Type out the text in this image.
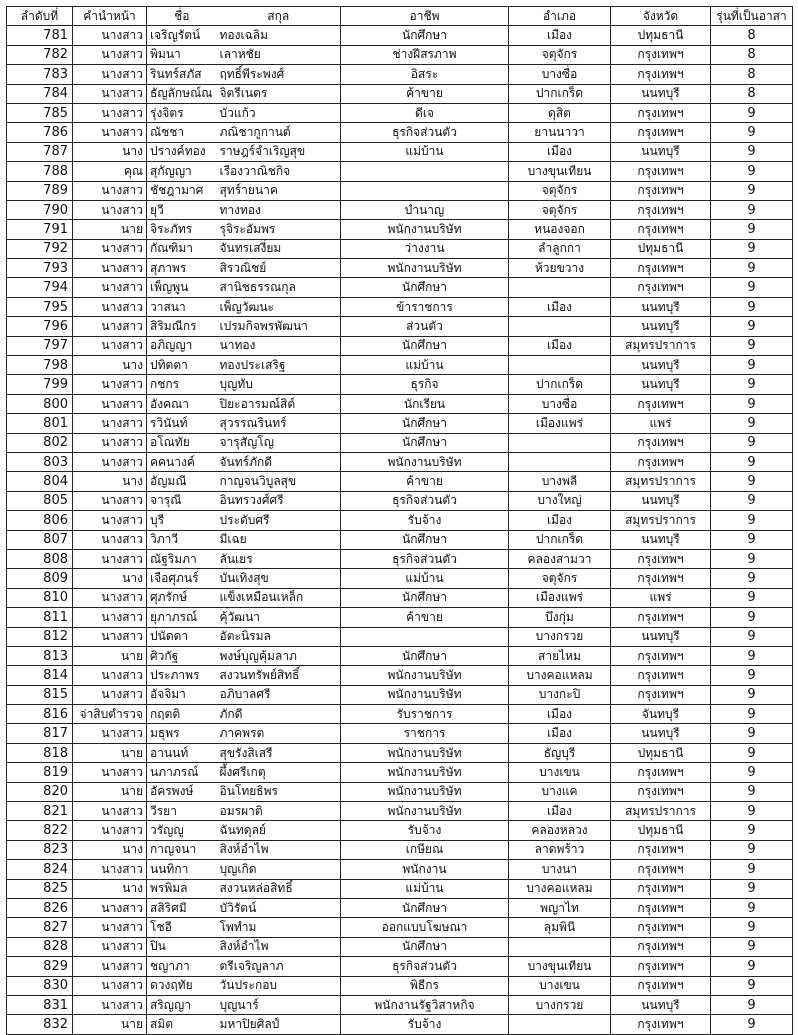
ลำดับที่	คำนำหน้า	ชื่อ	สกุล	อาชีพ	อำเภอ	จังหวัด	รุ่นที่เป็นอาสา
781	นางสาว	เจริญรัตน์	ทองเฉลิม	นักศึกษา	เมือง	ปทุมธานี	8
782	นางสาว	พิมนา	เลาหชัย	ช่างฝีสรภาพ	จตุจักร	กรุงเทพฯ	8
783	นางสาว	รินทร์สภัส	ฤทธิ์พีระพงศ์	อิสระ	บางซื่อ	กรุงเทพฯ	8
784	นางสาว	ธัญลักษณ์ณ	จิตรีเนตร	ค้าขาย	ปากเกร็ด	นนทบุรี	8
785	นางสาว	รุ่งจิตร	บัวแก้ว	ดีเจ	ดุสิต	กรุงเทพฯ	9
786	นางสาว	ณัชชา	ภณิชากูกานต์	ธุรกิจส่วนตัว	ยานนาวา	กรุงเทพฯ	9
787	นาง	ปรางค์ทอง	ราษฎร์จำเริญสุข	แม่บ้าน	เมือง	นนทบุรี	9
788	คุณ	สุกัญญา	เรืองวาณิชกิจ		บางขุนเทียน	กรุงเทพฯ	9
789	นางสาว	ชัชฎามาศ	สุทร์ายนาค		จตุจักร	กรุงเทพฯ	9
790	นางสาว	ยุวี	ทางทอง	บำนาญ	จตุจักร	กรุงเทพฯ	9
791	นาย	จิระภัทร	รุจิระอัมพร	พนักงานบริษัท	หนองจอก	กรุงเทพฯ	9
792	นางสาว	กัณฑิมา	จันทรเสงี่ยม	ว่างงาน	ลำลูกกา	ปทุมธานี	9
793	นางสาว	สุภาพร	สิรวณิชย์	พนักงานบริษัท	ห้วยขวาง	กรุงเทพฯ	9
794	นางสาว	เพ็ญพูน	สานิชธรรณกุล	นักศึกษา		กรุงเทพฯ	9
795	นางสาว	วาสนา	เพ็ญวัฒนะ	ข้าราชการ	เมือง	นนทบุรี	9
796	นางสาว	สิริมณีกร	เปรมกิจพรพัฒนา	ส่วนตัว		นนทบุรี	9
797	นางสาว	อภิญญา	นาทอง	นักศึกษา	เมือง	สมุทรปราการ	9
798	นาง	ปทิตตา	ทองประเสริฐ	แม่บ้าน		นนทบุรี	9
799	นางสาว	กชกร	บุญทับ	ธุรกิจ	ปากเกร็ด	นนทบุรี	9
800	นางสาว	อังคณา	ปิยะอารมณ์สิต์	นักเรียน	บางซื่อ	กรุงเทพฯ	9
801	นางสาว	รวินันท์	สุวรรณรินทร์	นักศึกษา	เมืองแพร่	แพร่	9
802	นางสาว	อโณทัย	จารุสัญโญ	นักศึกษา		กรุงเทพฯ	9
803	นางสาว	คคนางค์	จันทร์ภักดี	พนักงานบริษัท		กรุงเทพฯ	9
804	นาง	อัญมณี	กาญจนวิบูลสุข	ค้าขาย	บางพลี	สมุทรปราการ	9
805	นางสาว	จารุณี	อินทรวงศ์ศรี	ธุรกิจส่วนตัว	บางใหญ่	นนทบุรี	9
806	นางสาว	บุรี	ประดับศรี	รับจ้าง	เมือง	สมุทรปราการ	9
807	นางสาว	วิภาวี	มีเฉย	นักศึกษา	ปากเกร็ด	นนทบุรี	9
808	นางสาว	ณัฐริมภา	ลันเยร	ธุรกิจส่วนตัว	คลองสามวา	กรุงเทพฯ	9
809	นาง	เจือศุภนร์	บันเทิงสุข	แม่บ้าน	จตุจักร	กรุงเทพฯ	9
810	นางสาว	ศุภรักษ์	แข็งเหมือนเหล็ก	นักศึกษา	เมืองแพร่	แพร่	9
811	นางสาว	ยุภาภรณ์	คุ้วัฒนา	ค้าขาย	บึงกุ่ม	กรุงเทพฯ	9
812	นางสาว	ปนัดดา	อัตะนิรมล		บางกรวย	นนทบุรี	9
813	นาย	ศิวกัฐ	พงษ์บุญคุ้มลาภ	นักศึกษา	สายไหม	กรุงเทพฯ	9
814	นางสาว	ประภาพร	สงวนทรัพย์สิทธิ์	พนักงานบริษัท	บางคอแหลม	กรุงเทพฯ	9
815	นางสาว	อัจจิมา	อภิบาลศรี	พนักงานบริษัท	บางกะปิ	กรุงเทพฯ	9
816	จ่าสิบตำรวจ	กฤตติ	ภักดี	รับราชการ	เมือง	จันทบุรี	9
817	นางสาว	มธุพร	ภาคพรต	ราชการ	เมือง	นนทบุรี	9
818	นาย	อานนท์	สุขรังสิเสรี	พนักงานบริษัท	ธัญบุรี	ปทุมธานี	9
819	นางสาว	นภาภรณ์	ผึ้งศรีเกตุ	พนักงานบริษัท	บางเขน	กรุงเทพฯ	9
820	นาย	อัครพงษ์	อินโทยธิพร	พนักงานบริษัท	บางแค	กรุงเทพฯ	9
821	นางสาว	วีรยา	อมรผาติ	พนักงานบริษัท	เมือง	สมุทรปราการ	9
822	นางสาว	วรัญญู	ฉันทดุลย์	รับจ้าง	คลองหลวง	ปทุมธานี	9
823	นาง	กาญจนา	สิงห์อำไพ	เกษียณ	ลาดพร้าว	กรุงเทพฯ	9
824	นางสาว	นนทิกา	บุญเกิด	พนักงาน	บางนา	กรุงเทพฯ	9
825	นาง	พรพิมล	สงวนหล่อสิทธิ์	แม่บ้าน	บางคอแหลม	กรุงเทพฯ	9
826	นางสาว	สสิริศมี	บัวิรัตน์	นักศึกษา	พญาไท	กรุงเทพฯ	9
827	นางสาว	โชอี	โพทำม	ออกแบบโฆษณา	ลุมพินี	กรุงเทพฯ	9
828	นางสาว	ปิน	สิงห์อำไพ	นักศึกษา		กรุงเทพฯ	9
829	นางสาว	ชญาภา	ตรีเจริญลาภ	ธุรกิจส่วนตัว	บางขุนเทียน	กรุงเทพฯ	9
830	นางสาว	ดวงฤทัย	วันประกอบ	พิธีกร	บางเขน	กรุงเทพฯ	9
831	นางสาว	สริญญา	บุญนาร์	พนักงานรัฐวิสาหกิจ	บางกรวย	นนทบุรี	9
832	นาย	สมิต	มหาปิยศิลป์	รับจ้าง		กรุงเทพฯ	9
